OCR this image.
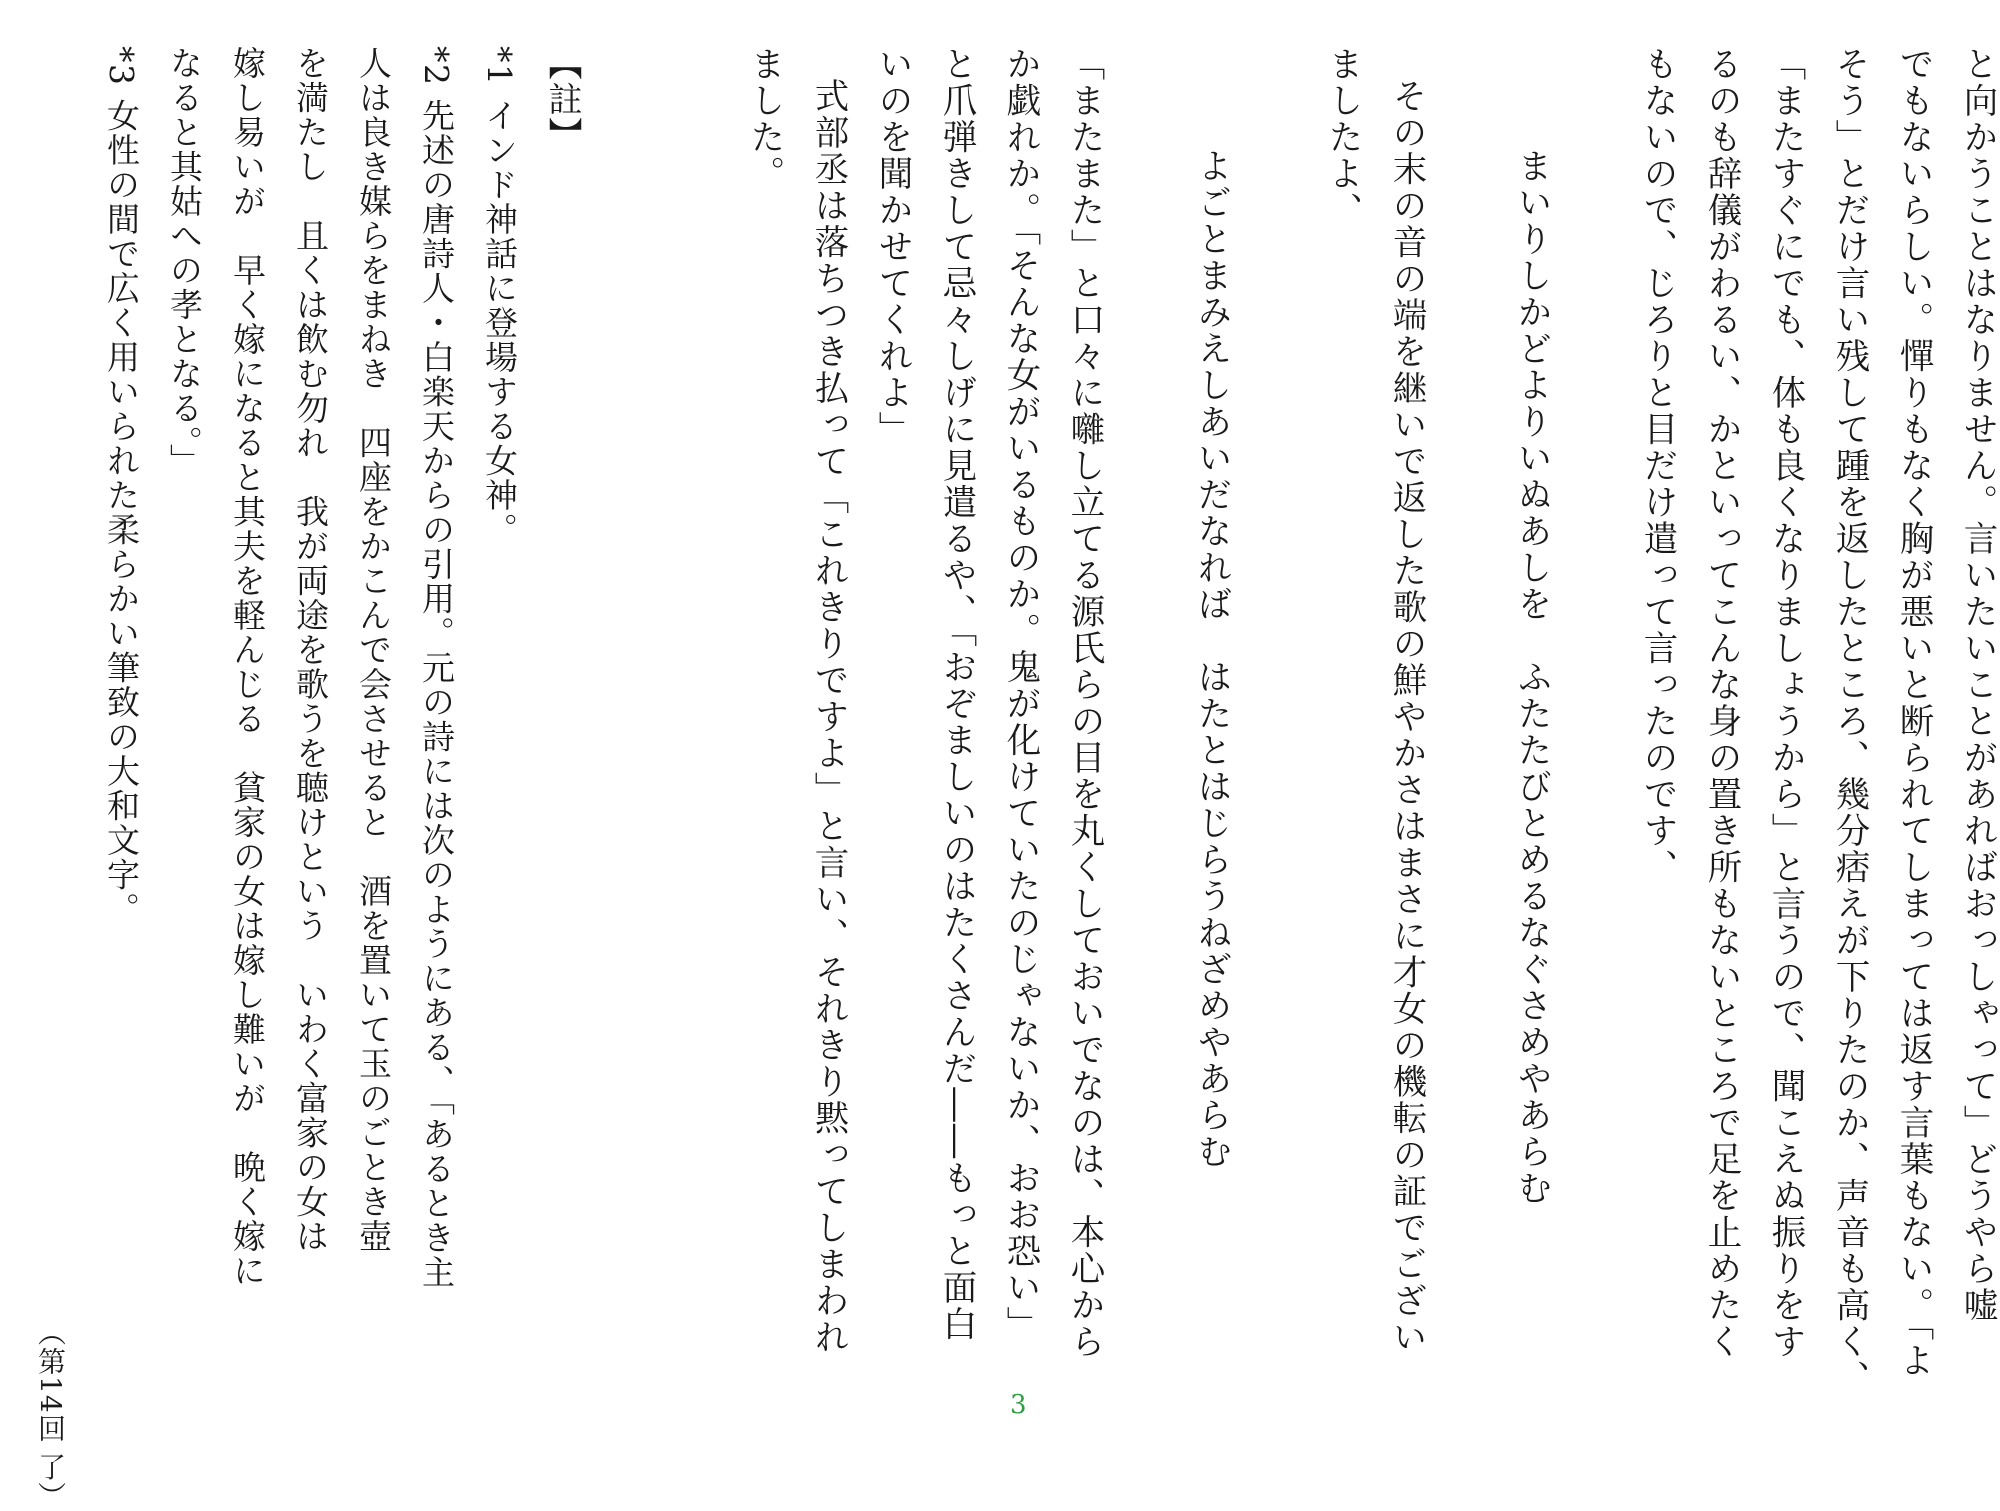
と向かうことはなりません。言いたいことがあればおっしゃって」どうやら嘘
でもないらしい。憚りもなく胸が悪いと断られてしまっては返す言葉もない。「よ
そう」とだけ言い残して踵を返したところ、幾分痞えが下りたのか、声音も高く、
「またすぐにでも、体も良くなりましょうから」と言うので、聞こえぬ振りをす
るのも辞儀がわるい、かといってこんな身の置き所もないところで足を止めたく
もないので、じろりと目だけ遣って言ったのです、
まいりしかどよりいぬあしを　ふたたびとめるなぐさめやあらむ
その末の音の端を継いで返した歌の鮮やかさはまさに才女の機転の証でござい
ましたよ、
よごとまみえしあいだなれば　はたとはじらうねざめやあらむ
「またまた」と口々に囃し立てる源氏らの目を丸くしておいでなのは、本心から
か戯れか。「そんな女がいるものか。鬼が化けていたのじゃないか、おお恐い」
と爪弾きして忌々しげに見遣るや、「おぞましいのはたくさんだ――もっと面白
いのを聞かせてくれよ」
式部丞は落ちつき払って「これきりですよ」と言い、それきり黙ってしまわれ
ました。
【註】
*1 インド神話に登場する女神。
*2 先述の唐詩人・白楽天からの引用。元の詩には次のようにある、「あるとき主
人は良き媒らをまねき　四座をかこんで会させると　酒を置いて玉のごとき壺
を満たし　且くは飲む勿れ　我が両途を歌うを聴けという　いわく富家の女は
嫁し易いが　早く嫁になると其夫を軽んじる　貧家の女は嫁し難いが　晩く嫁に
なると其姑への孝となる。」
*3 女性の間で広く用いられた柔らかい筆致の大和文字。
（第14回 了）	3
